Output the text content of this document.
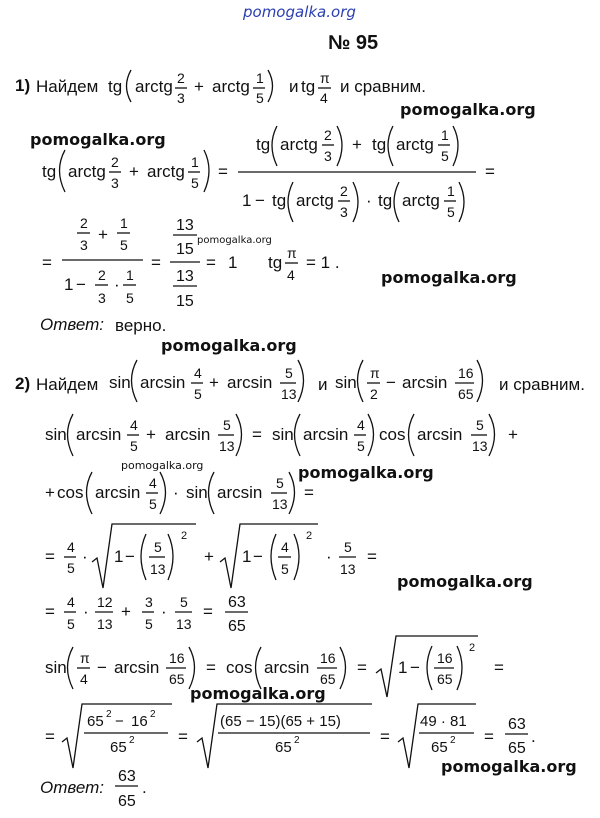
pomogalka.org
pomogalka.org
pomogalka.org
pomogalka.org
pomogalka.org
pomogalka.org
pomogalka.org	pomogalka.org
pomogalka.org
pomogalka.org
pomogalka.org
№ 95
1) Найдем	и и сравним.
Ответ: верно.
2) Найдем	и	и сравним.
Ответ:
tg arctg 2
3
+ arctg 1
5
tg π
4
tg arctg 2
3
+ arctg 1
5
=
tg arctg 2
3
+ tg arctg 1
5
1 − tg arctg 2
3
· tg arctg 1
5
=
=
2
3
+
1
5
1 − 2
3
· 1
5
=
13
15
13
15
= 1 tg π
4
= 1 .
sin arcsin 4
5
+ arcsin 5
13
sin π
2
− arcsin 16
65
sin arcsin 4
5
+ arcsin 5
13
= sin arcsin 4
5
cos arcsin 5
13
+
+ cos arcsin 4
5
· sin arcsin 5
13
=
= 4
5
· 1 − 5
13
2
+ 1 − 4
5
2
· 5
13
=
= 4
5
· 12
13
+ 3
5
· 5
13
= 63
65
sin π
4
− arcsin 16
65
= cos arcsin 16
65
= 1 − 16
65
2
=
=
65 2 − 16 2
65 2	=
(65 − 15)(65 + 15)
65 2	=
49 · 81
65 2 =
63
65
.
63
65
.
